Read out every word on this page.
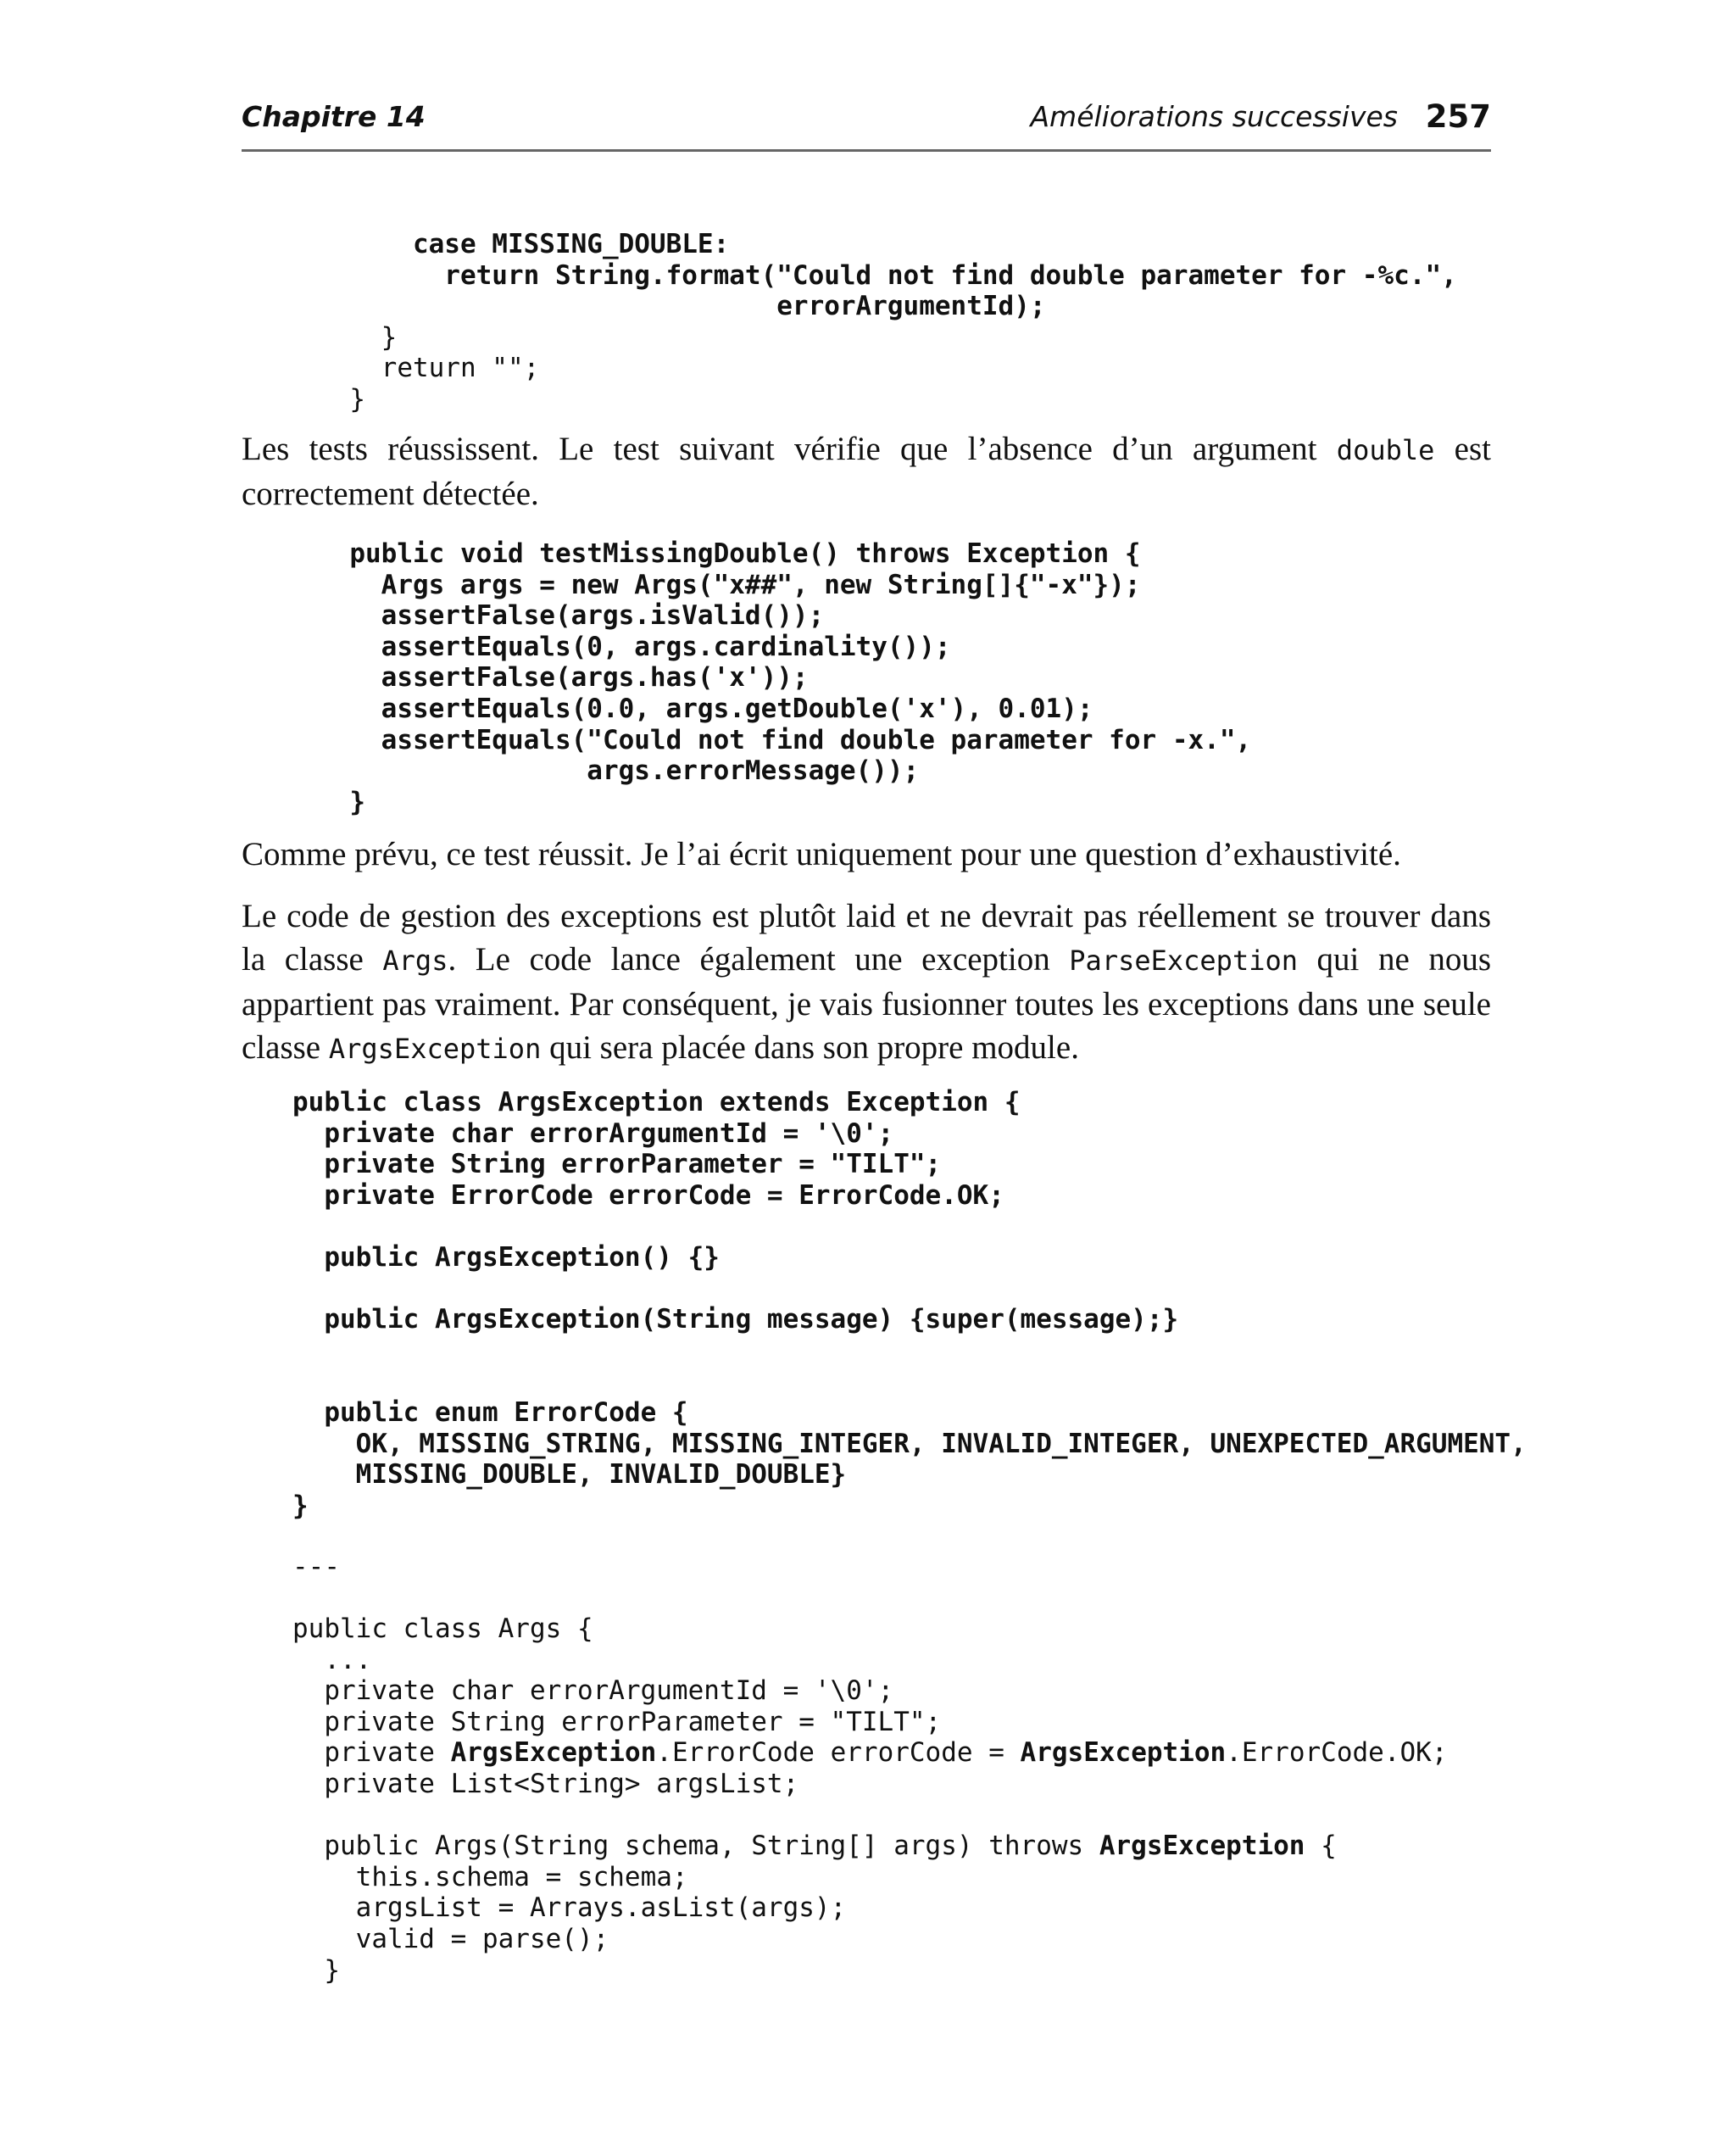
Chapitre 14	Améliorations successives 257
case MISSING_DOUBLE:
return String.format("Could not find double parameter for -%c.",
errorArgumentId);
}
return "";
}

Les tests réussissent. Le test suivant vérifie que l’absence d’un argument double est correctement détectée.

public void testMissingDouble() throws Exception {
Args args = new Args("x##", new String[]{"-x"});
assertFalse(args.isValid());
assertEquals(0, args.cardinality());
assertFalse(args.has('x'));
assertEquals(0.0, args.getDouble('x'), 0.01);
assertEquals("Could not find double parameter for -x.",
args.errorMessage());
}

Comme prévu, ce test réussit. Je l’ai écrit uniquement pour une question d’exhaustivité.

Le code de gestion des exceptions est plutôt laid et ne devrait pas réellement se trouver dans la classe Args. Le code lance également une exception ParseException qui ne nous appartient pas vraiment. Par conséquent, je vais fusionner toutes les exceptions dans une seule classe ArgsException qui sera placée dans son propre module.

public class ArgsException extends Exception {
private char errorArgumentId = '\0';
private String errorParameter = "TILT";
private ErrorCode errorCode = ErrorCode.OK;
public ArgsException() {}
public ArgsException(String message) {super(message);}
public enum ErrorCode {
OK, MISSING_STRING, MISSING_INTEGER, INVALID_INTEGER, UNEXPECTED_ARGUMENT,
MISSING_DOUBLE, INVALID_DOUBLE}
}
---
public class Args {
...
private char errorArgumentId = '\0';
private String errorParameter = "TILT";
private ArgsException.ErrorCode errorCode = ArgsException.ErrorCode.OK;
private List<String> argsList;
public Args(String schema, String[] args) throws ArgsException {
this.schema = schema;
argsList = Arrays.asList(args);
valid = parse();
}
